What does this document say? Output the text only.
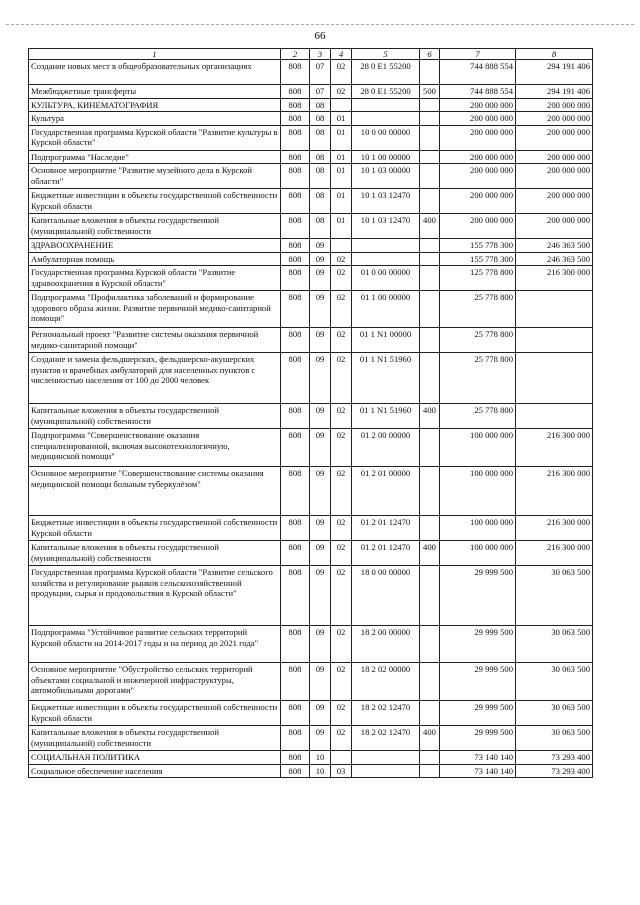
66
1	2	3	4	5	6	7	8
Создание новых мест в общеобразовательных организациях	808	07	02	28 0 E1 55200		744 888 554	294 191 406
Межбюджетные трансферты	808	07	02	28 0 E1 55200	500	744 888 554	294 191 406
КУЛЬТУРА, КИНЕМАТОГРАФИЯ	808	08				200 000 000	200 000 000
Культура	808	08	01			200 000 000	200 000 000
Государственная программа Курской области "Развитие культуры в Курской области"	808	08	01	10 0 00 00000		200 000 000	200 000 000
Подпрограмма "Наследие"	808	08	01	10 1 00 00000		200 000 000	200 000 000
Основное мероприятие "Развитие музейного дела в Курской области"	808	08	01	10 1 03 00000		200 000 000	200 000 000
Бюджетные инвестиции в объекты государственной собственности Курской области	808	08	01	10 1 03 12470		200 000 000	200 000 000
Капитальные вложения в объекты государственной (муниципальной) собственности	808	08	01	10 1 03 12470	400	200 000 000	200 000 000
ЗДРАВООХРАНЕНИЕ	808	09				155 778 300	246 363 500
Амбулаторная помощь	808	09	02			155 778 300	246 363 500
Государственная программа Курской области "Развитие здравоохранения в Курской области"	808	09	02	01 0 00 00000		125 778 800	216 300 000
Подпрограмма "Профилактика заболеваний и формирование здорового образа жизни. Развитие первичной медико-санитарной помощи"	808	09	02	01 1 00 00000		25 778 800	
Региональный проект "Развитие системы оказания первичной медико-санитарной помощи"	808	09	02	01 1 N1 00000		25 778 800	
Создание и замена фельдшерских, фельдшерско-акушерских пунктов и врачебных амбулаторий для населенных пунктов с численностью населения от 100 до 2000 человек	808	09	02	01 1 N1 51960		25 778 800	
Капитальные вложения в объекты государственной (муниципальной) собственности	808	09	02	01 1 N1 51960	400	25 778 800	
Подпрограмма "Совершенствование оказания специализированной, включая высокотехнологичную, медицинской помощи"	808	09	02	01 2 00 00000		100 000 000	216 300 000
Основное мероприятие "Совершенствование системы оказания медицинской помощи больным туберкулёзом"	808	09	02	01 2 01 00000		100 000 000	216 300 000
Бюджетные инвестиции в объекты государственной собственности Курской области	808	09	02	01 2 01 12470		100 000 000	216 300 000
Капитальные вложения в объекты государственной (муниципальной) собственности	808	09	02	01 2 01 12470	400	100 000 000	216 300 000
Государственная программа Курской области "Развитие сельского хозяйства и регулирование рынков сельскохозяйственной продукции, сырья и продовольствия в Курской области"	808	09	02	18 0 00 00000		29 999 500	30 063 500
Подпрограмма "Устойчивое развитие сельских территорий Курской области на 2014-2017 годы и на период до 2021 года"	808	09	02	18 2 00 00000		29 999 500	30 063 500
Основное мероприятие "Обустройство сельских территорий объектами социальной и инженерной инфраструктуры, автомобильными дорогами"	808	09	02	18 2 02 00000		29 999 500	30 063 500
Бюджетные инвестиции в объекты государственной собственности Курской области	808	09	02	18 2 02 12470		29 999 500	30 063 500
Капитальные вложения в объекты государственной (муниципальной) собственности	808	09	02	18 2 02 12470	400	29 999 500	30 063 500
СОЦИАЛЬНАЯ ПОЛИТИКА	808	10				73 140 140	73 293 400
Социальное обеспечение населения	808	10	03			73 140 140	73 293 400
